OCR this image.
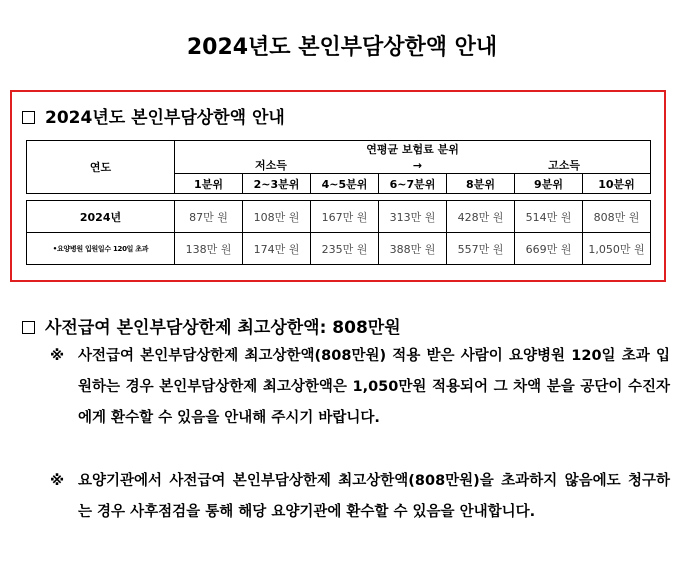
2024년도 본인부담상한액 안내
2024년도 본인부담상한액 안내
연도	연평균 보험료 분위						

	저소득 → 고소득						

	1분위	2~3분위	4~5분위	6~7분위	8분위	9분위	10분위

2024년	87만 원	108만 원	167만 원	313만 원	428만 원	514만 원	808만 원
•요양병원 입원일수 120일 초과	138만 원	174만 원	235만 원	388만 원	557만 원	669만 원	1,050만 원
사전급여 본인부담상한제 최고상한액: 808만원
※ 사전급여 본인부담상한제 최고상한액(808만원) 적용 받은 사람이 요양병원 120일 초과 입원하는 경우 본인부담상한제 최고상한액은 1,050만원 적용되어 그 차액 분을 공단이 수진자에게 환수할 수 있음을 안내해 주시기 바랍니다.
※ 요양기관에서 사전급여 본인부담상한제 최고상한액(808만원)을 초과하지 않음에도 청구하는 경우 사후점검을 통해 해당 요양기관에 환수할 수 있음을 안내합니다.
